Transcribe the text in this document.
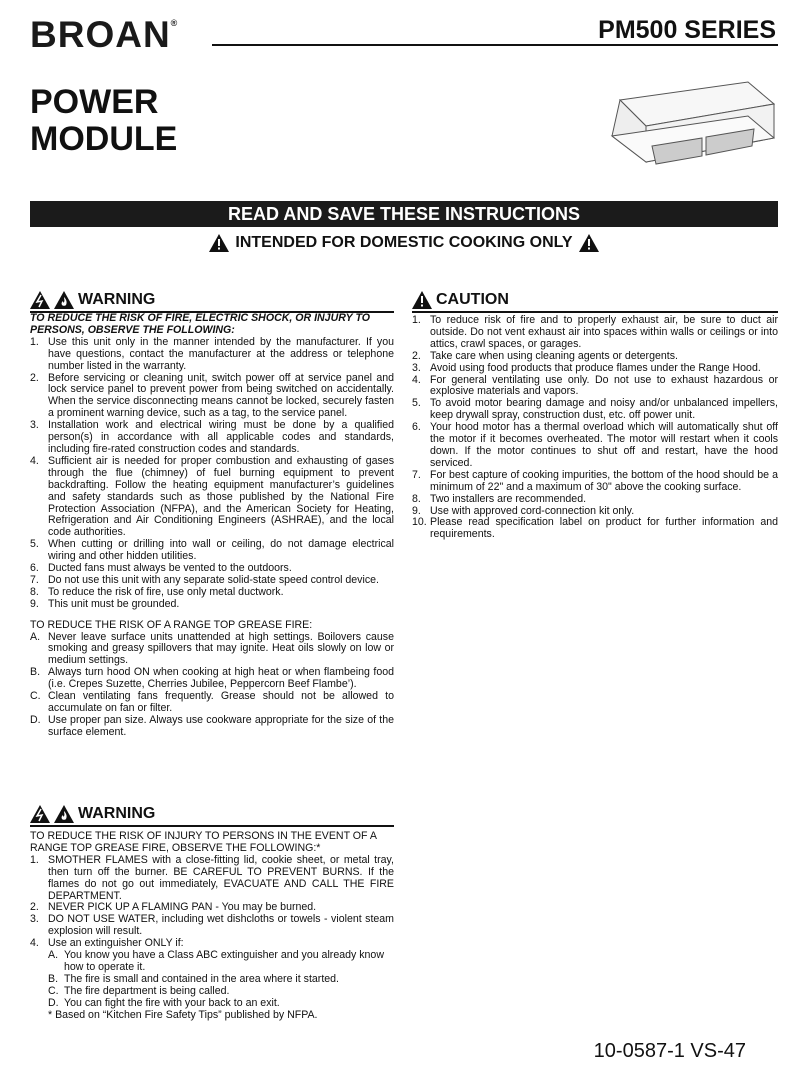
BROAN®	PM500 SERIES
POWER
MODULE
READ AND SAVE THESE INSTRUCTIONS
INTENDED FOR DOMESTIC COOKING ONLY
WARNING

TO REDUCE THE RISK OF FIRE, ELECTRIC SHOCK, OR INJURY TO PERSONS, OBSERVE THE FOLLOWING:

1. Use this unit only in the manner intended by the manufacturer. If you have questions, contact the manufacturer at the address or telephone number listed in the warranty.
2. Before servicing or cleaning unit, switch power off at service panel and lock service panel to prevent power from being switched on accidentally. When the service disconnecting means cannot be locked, securely fasten a prominent warning device, such as a tag, to the service panel.
3. Installation work and electrical wiring must be done by a qualified person(s) in accordance with all applicable codes and standards, including fire-rated construction codes and standards.
4. Sufficient air is needed for proper combustion and exhausting of gases through the flue (chimney) of fuel burning equipment to prevent backdrafting. Follow the heating equipment manufacturer’s guidelines and safety standards such as those published by the National Fire Protection Association (NFPA), and the American Society for Heating, Refrigeration and Air Conditioning Engineers (ASHRAE), and the local code authorities.
5. When cutting or drilling into wall or ceiling, do not damage electrical wiring and other hidden utilities.
6. Ducted fans must always be vented to the outdoors.
7. Do not use this unit with any separate solid-state speed control device.
8. To reduce the risk of fire, use only metal ductwork.
9. This unit must be grounded.

TO REDUCE THE RISK OF A RANGE TOP GREASE FIRE:

A. Never leave surface units unattended at high settings. Boilovers cause smoking and greasy spillovers that may ignite. Heat oils slowly on low or medium settings.
B. Always turn hood ON when cooking at high heat or when flambeing food (i.e. Crepes Suzette, Cherries Jubilee, Peppercorn Beef Flambe’).
C. Clean ventilating fans frequently. Grease should not be allowed to accumulate on fan or filter.
D. Use proper pan size. Always use cookware appropriate for the size of the surface element.
WARNING

TO REDUCE THE RISK OF INJURY TO PERSONS IN THE EVENT OF A RANGE TOP GREASE FIRE, OBSERVE THE FOLLOWING:*

1. SMOTHER FLAMES with a close-fitting lid, cookie sheet, or metal tray, then turn off the burner. BE CAREFUL TO PREVENT BURNS. If the flames do not go out immediately, EVACUATE AND CALL THE FIRE DEPARTMENT.
2. NEVER PICK UP A FLAMING PAN - You may be burned.
3. DO NOT USE WATER, including wet dishcloths or towels - violent steam explosion will result.
4. Use an extinguisher ONLY if:
A. You know you have a Class ABC extinguisher and you already know how to operate it.
B. The fire is small and contained in the area where it started.
C. The fire department is being called.
D. You can fight the fire with your back to an exit.

* Based on “Kitchen Fire Safety Tips” published by NFPA.

CAUTION
1. To reduce risk of fire and to properly exhaust air, be sure to duct air outside. Do not vent exhaust air into spaces within walls or ceilings or into attics, crawl spaces, or garages.
2. Take care when using cleaning agents or detergents.
3. Avoid using food products that produce flames under the Range Hood.
4. For general ventilating use only. Do not use to exhaust hazardous or explosive materials and vapors.
5. To avoid motor bearing damage and noisy and/or unbalanced impellers, keep drywall spray, construction dust, etc. off power unit.
6. Your hood motor has a thermal overload which will automatically shut off the motor if it becomes overheated. The motor will restart when it cools down. If the motor continues to shut off and restart, have the hood serviced.
7. For best capture of cooking impurities, the bottom of the hood should be a minimum of 22" and a maximum of 30" above the cooking surface.
8. Two installers are recommended.
9. Use with approved cord-connection kit only.
10. Please read specification label on product for further information and requirements.
10-0587-1 VS-47
